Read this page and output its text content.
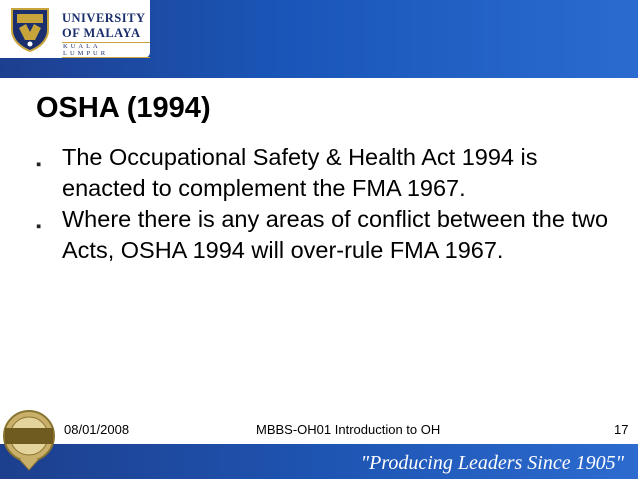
UNIVERSITY
OF MALAYA
KUALA LUMPUR
OSHA (1994)
▪ The Occupational Safety & Health Act 1994 is enacted to complement the FMA 1967.
▪ Where there is any areas of conflict between the two Acts, OSHA 1994 will over-rule FMA 1967.
08/01/2008	MBBS-OH01 Introduction to OH	17
"Producing Leaders Since 1905"
